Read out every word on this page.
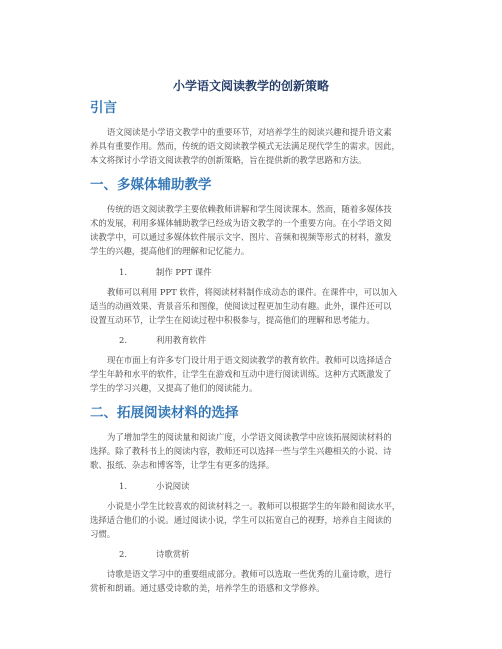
小学语文阅读教学的创新策略
引言
语文阅读是小学语文教学中的重要环节，对培养学生的阅读兴趣和提升语文素
养具有重要作用。然而，传统的语文阅读教学模式无法满足现代学生的需求。因此，
本文将探讨小学语文阅读教学的创新策略，旨在提供新的教学思路和方法。
一、多媒体辅助教学
传统的语文阅读教学主要依赖教师讲解和学生阅读课本。然而，随着多媒体技
术的发展，利用多媒体辅助教学已经成为语文教学的一个重要方向。在小学语文阅
读教学中，可以通过多媒体软件展示文字、图片、音频和视频等形式的材料，激发
学生的兴趣，提高他们的理解和记忆能力。
1.	制作 PPT 课件
教师可以利用 PPT 软件，将阅读材料制作成动态的课件。在课件中，可以加入
适当的动画效果、背景音乐和图像，使阅读过程更加生动有趣。此外，课件还可以
设置互动环节，让学生在阅读过程中积极参与，提高他们的理解和思考能力。
2.	利用教育软件
现在市面上有许多专门设计用于语文阅读教学的教育软件。教师可以选择适合
学生年龄和水平的软件，让学生在游戏和互动中进行阅读训练。这种方式既激发了
学生的学习兴趣，又提高了他们的阅读能力。
二、拓展阅读材料的选择
为了增加学生的阅读量和阅读广度，小学语文阅读教学中应该拓展阅读材料的
选择。除了教科书上的阅读内容，教师还可以选择一些与学生兴趣相关的小说、诗
歌、报纸、杂志和博客等，让学生有更多的选择。
1.	小说阅读
小说是小学生比较喜欢的阅读材料之一。教师可以根据学生的年龄和阅读水平，
选择适合他们的小说。通过阅读小说，学生可以拓宽自己的视野，培养自主阅读的
习惯。
2.	诗歌赏析
诗歌是语文学习中的重要组成部分。教师可以选取一些优秀的儿童诗歌，进行
赏析和朗诵。通过感受诗歌的美，培养学生的语感和文学修养。
